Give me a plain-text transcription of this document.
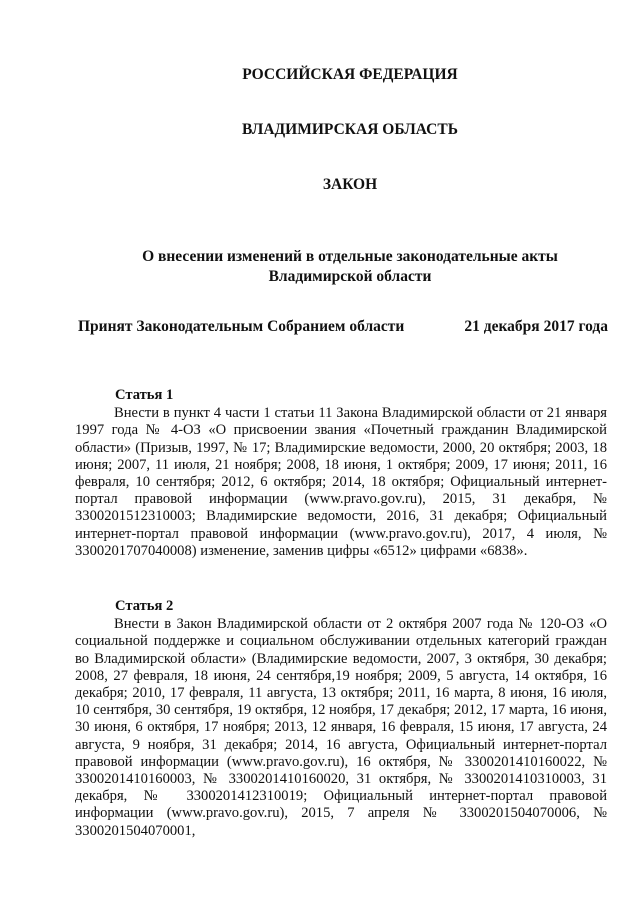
РОССИЙСКАЯ ФЕДЕРАЦИЯ
ВЛАДИМИРСКАЯ ОБЛАСТЬ
ЗАКОН
О внесении изменений в отдельные законодательные акты
Владимирской области
Принят Законодательным Собранием области	21 декабря 2017 года
Статья 1
Внести в пункт 4 части 1 статьи 11 Закона Владимирской области от 21 января 1997 года № 4-ОЗ «О присвоении звания «Почетный гражданин Владимирской области» (Призыв, 1997, № 17; Владимирские ведомости, 2000, 20 октября; 2003, 18 июня; 2007, 11 июля, 21 ноября; 2008, 18 июня, 1 октября; 2009, 17 июня; 2011, 16 февраля, 10 сентября; 2012, 6 октября; 2014, 18 октября; Официальный интернет-портал правовой информации (www.pravo.gov.ru), 2015, 31 декабря, № 3300201512310003; Владимирские ведомости, 2016, 31 декабря; Официальный интернет-портал правовой информации (www.pravo.gov.ru), 2017, 4 июля, № 3300201707040008) изменение, заменив цифры «6512» цифрами «6838».
Статья 2
Внести в Закон Владимирской области от 2 октября 2007 года № 120-ОЗ «О социальной поддержке и социальном обслуживании отдельных категорий граждан во Владимирской области» (Владимирские ведомости, 2007, 3 октября, 30 декабря; 2008, 27 февраля, 18 июня, 24 сентября,19 ноября; 2009, 5 августа, 14 октября, 16 декабря; 2010, 17 февраля, 11 августа, 13 октября; 2011, 16 марта, 8 июня, 16 июля, 10 сентября, 30 сентября, 19 октября, 12 ноября, 17 декабря; 2012, 17 марта, 16 июня, 30 июня, 6 октября, 17 ноября; 2013, 12 января, 16 февраля, 15 июня, 17 августа, 24 августа, 9 ноября, 31 декабря; 2014, 16 августа, Официальный интернет-портал правовой информации (www.pravo.gov.ru), 16 октября, № 3300201410160022, № 3300201410160003, № 3300201410160020, 31 октября, № 3300201410310003, 31 декабря, № 3300201412310019; Официальный интернет-портал правовой информации (www.pravo.gov.ru), 2015, 7 апреля № 3300201504070006, № 3300201504070001,
